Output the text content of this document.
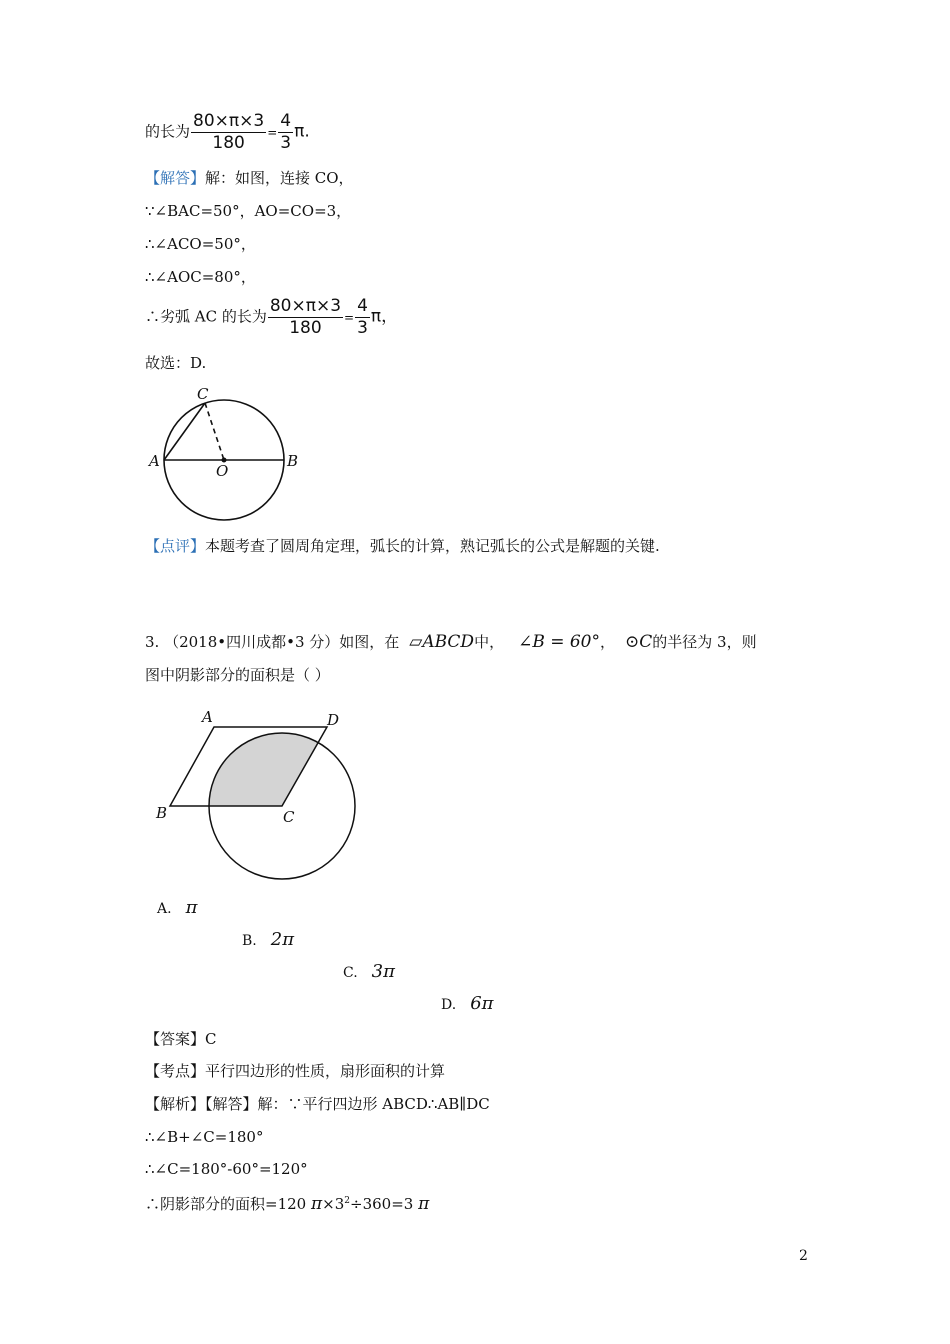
的长为 $\frac{80\times\pi\times 3}{180} = \frac{4}{3} \pi$.
【解答】解：如图，连接 CO，
∵∠BAC=50°，AO=CO=3，
∴∠ACO=50°，
∴∠AOC=80°，
∴劣弧 AC 的长为 $\frac{80\times\pi\times 3}{180} = \frac{4}{3}$ π，
故选：D.
A	B
C
O
【点评】本题考查了圆周角定理，弧长的计算，熟记弧长的公式是解题的关键.
3. （2018•四川成都•3 分）如图，在 ▱ABCD中， ∠B = 60°， ⊙C的半径为 3，则
图中阴影部分的面积是（ ）
A	D
B	C
A. π
B. 2π
C. 3π
D. 6π
【答案】C
【考点】平行四边形的性质，扇形面积的计算
【解析】【解答】解：∵平行四边形 ABCD∴AB∥DC
∴∠B+∠C=180°
∴∠C=180°-60°=120°
∴阴影部分的面积=120 $\pi\times 3^2\div 360=3$ π
2
